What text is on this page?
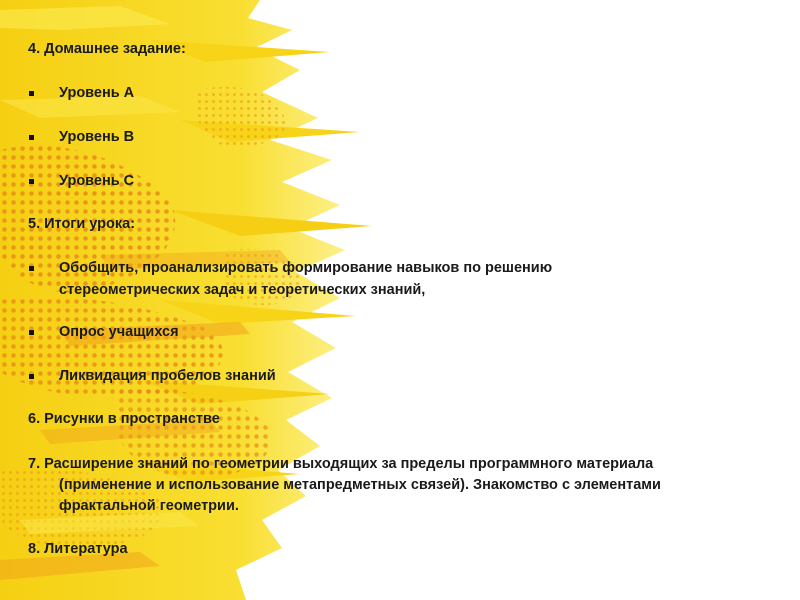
4. Домашнее задание:
Уровень А
Уровень В
Уровень С
5. Итоги урока:
Обобщить, проанализировать формирование навыков по решению
стереометрических задач и теоретических знаний,
Опрос учащихся
Ликвидация пробелов знаний
6. Рисунки в пространстве
7. Расширение знаний по геометрии выходящих за пределы программного материала
(применение и использование метапредметных связей). Знакомство с элементами
фрактальной геометрии.
8. Литература
